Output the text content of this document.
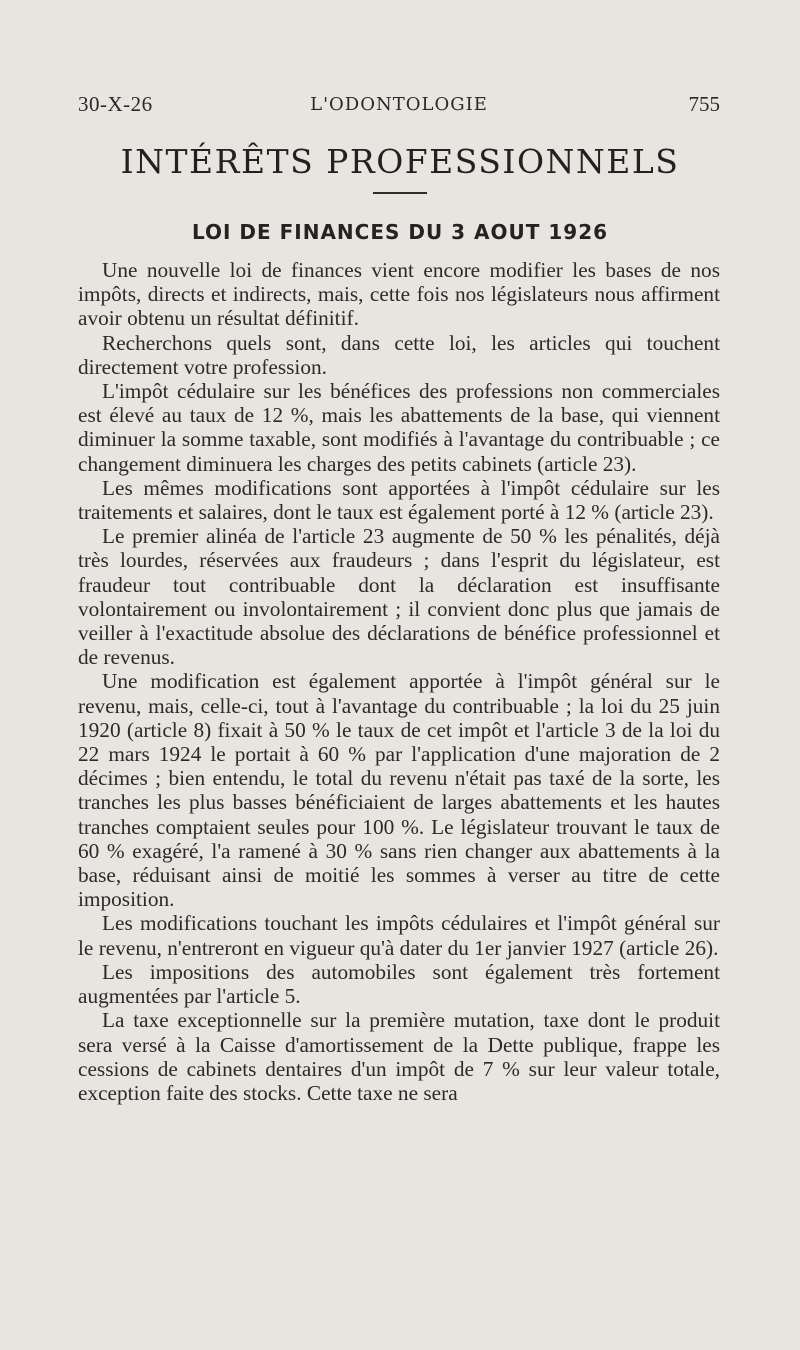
30-X-26	L'ODONTOLOGIE	755
INTÉRÊTS PROFESSIONNELS
LOI DE FINANCES DU 3 AOUT 1926

Une nouvelle loi de finances vient encore modifier les bases de nos impôts, directs et indirects, mais, cette fois nos législateurs nous affirment avoir obtenu un résultat définitif.

Recherchons quels sont, dans cette loi, les articles qui touchent directement votre profession.

L'impôt cédulaire sur les bénéfices des professions non commerciales est élevé au taux de 12 %, mais les abattements de la base, qui viennent diminuer la somme taxable, sont modifiés à l'avantage du contribuable ; ce changement diminuera les charges des petits cabinets (article 23).

Les mêmes modifications sont apportées à l'impôt cédulaire sur les traitements et salaires, dont le taux est également porté à 12 % (article 23).

Le premier alinéa de l'article 23 augmente de 50 % les pénalités, déjà très lourdes, réservées aux fraudeurs ; dans l'esprit du législateur, est fraudeur tout contribuable dont la déclaration est insuffisante volontairement ou involontairement ; il convient donc plus que jamais de veiller à l'exactitude absolue des déclarations de bénéfice professionnel et de revenus.

Une modification est également apportée à l'impôt général sur le revenu, mais, celle-ci, tout à l'avantage du contribuable ; la loi du 25 juin 1920 (article 8) fixait à 50 % le taux de cet impôt et l'article 3 de la loi du 22 mars 1924 le portait à 60 % par l'application d'une majoration de 2 décimes ; bien entendu, le total du revenu n'était pas taxé de la sorte, les tranches les plus basses bénéficiaient de larges abattements et les hautes tranches comptaient seules pour 100 %. Le législateur trouvant le taux de 60 % exagéré, l'a ramené à 30 % sans rien changer aux abattements à la base, réduisant ainsi de moitié les sommes à verser au titre de cette imposition.

Les modifications touchant les impôts cédulaires et l'impôt général sur le revenu, n'entreront en vigueur qu'à dater du 1er janvier 1927 (article 26).

Les impositions des automobiles sont également très fortement augmentées par l'article 5.

La taxe exceptionnelle sur la première mutation, taxe dont le produit sera versé à la Caisse d'amortissement de la Dette publique, frappe les cessions de cabinets dentaires d'un impôt de 7 % sur leur valeur totale, exception faite des stocks. Cette taxe ne sera
